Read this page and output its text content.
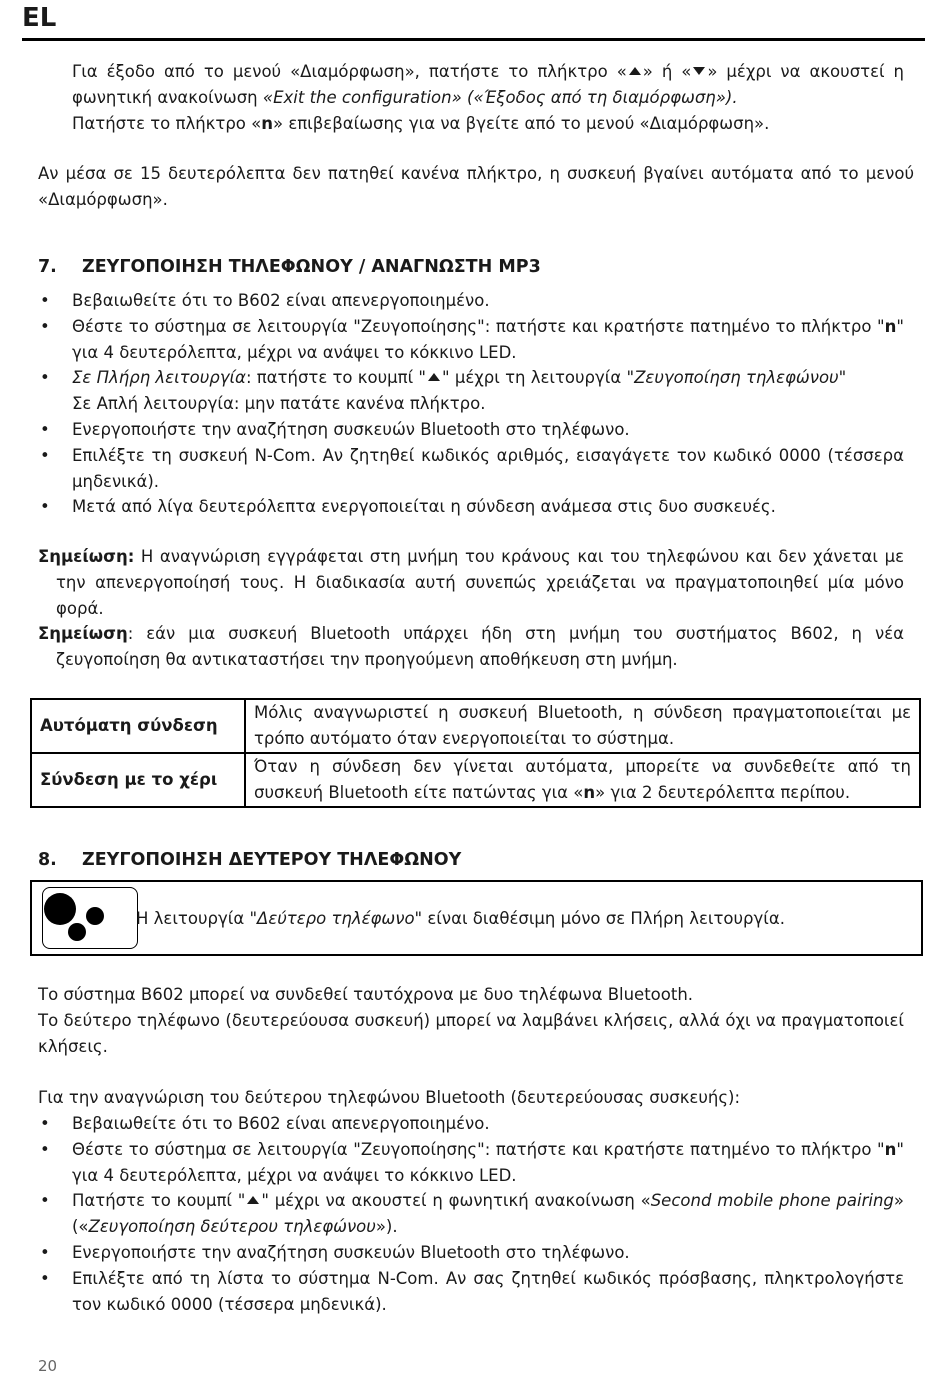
EL
Για έξοδο από το μενού «Διαμόρφωση», πατήστε το πλήκτρο « » ή « » μέχρι να ακουστεί η
φωνητική ανακοίνωση «Exit the configuration» («Έξοδος από τη διαμόρφωση»).
Πατήστε το πλήκτρο «n» επιβεβαίωσης για να βγείτε από το μενού «Διαμόρφωση».
Αν μέσα σε 15 δευτερόλεπτα δεν πατηθεί κανένα πλήκτρο, η συσκευή βγαίνει αυτόματα από το μενού «Διαμόρφωση».
7. ΖΕΥΓΟΠΟΙΗΣΗ ΤΗΛΕΦΩΝΟΥ / ΑΝΑΓΝΩΣΤΗ MP3
• Βεβαιωθείτε ότι το B602 είναι απενεργοποιημένο.
• Θέστε το σύστημα σε λειτουργία "Ζευγοποίησης": πατήστε και κρατήστε πατημένο το πλήκτρο "n" για 4 δευτερόλεπτα, μέχρι να ανάψει το κόκκινο LED.
• Σε Πλήρη λειτουργία: πατήστε το κουμπί " " μέχρι τη λειτουργία "Ζευγοποίηση τηλεφώνου"
Σε Απλή λειτουργία: μην πατάτε κανένα πλήκτρο.
• Ενεργοποιήστε την αναζήτηση συσκευών Bluetooth στο τηλέφωνο.
• Επιλέξτε τη συσκευή N-Com. Αν ζητηθεί κωδικός αριθμός, εισαγάγετε τον κωδικό 0000 (τέσσερα μηδενικά).
• Μετά από λίγα δευτερόλεπτα ενεργοποιείται η σύνδεση ανάμεσα στις δυο συσκευές.
Σημείωση: Η αναγνώριση εγγράφεται στη μνήμη του κράνους και του τηλεφώνου και δεν χάνεται με την απενεργοποίησή τους. Η διαδικασία αυτή συνεπώς χρειάζεται να πραγματοποιηθεί μία μόνο φορά.
Σημείωση: εάν μια συσκευή Bluetooth υπάρχει ήδη στη μνήμη του συστήματος B602, η νέα ζευγοποίηση θα αντικαταστήσει την προηγούμενη αποθήκευση στη μνήμη.
Αυτόματη σύνδεση	Μόλις αναγνωριστεί η συσκευή Bluetooth, η σύνδεση πραγματοποιείται με τρόπο αυτόματο όταν ενεργοποιείται το σύστημα.
Σύνδεση με το χέρι	Όταν η σύνδεση δεν γίνεται αυτόματα, μπορείτε να συνδεθείτε από τη συσκευή Bluetooth είτε πατώντας για «n» για 2 δευτερόλεπτα περίπου.
8. ΖΕΥΓΟΠΟΙΗΣΗ ΔΕΥΤΕΡΟΥ ΤΗΛΕΦΩΝΟΥ
Η λειτουργία "Δεύτερο τηλέφωνο" είναι διαθέσιμη μόνο σε Πλήρη λειτουργία.
Το σύστημα B602 μπορεί να συνδεθεί ταυτόχρονα με δυο τηλέφωνα Bluetooth.
Το δεύτερο τηλέφωνο (δευτερεύουσα συσκευή) μπορεί να λαμβάνει κλήσεις, αλλά όχι να πραγματοποιεί κλήσεις.
Για την αναγνώριση του δεύτερου τηλεφώνου Bluetooth (δευτερεύουσας συσκευής):
• Βεβαιωθείτε ότι το B602 είναι απενεργοποιημένο.
• Θέστε το σύστημα σε λειτουργία "Ζευγοποίησης": πατήστε και κρατήστε πατημένο το πλήκτρο "n" για 4 δευτερόλεπτα, μέχρι να ανάψει το κόκκινο LED.
• Πατήστε το κουμπί " " μέχρι να ακουστεί η φωνητική ανακοίνωση «Second mobile phone pairing» («Ζευγοποίηση δεύτερου τηλεφώνου»).
• Ενεργοποιήστε την αναζήτηση συσκευών Bluetooth στο τηλέφωνο.
• Επιλέξτε από τη λίστα το σύστημα N-Com. Αν σας ζητηθεί κωδικός πρόσβασης, πληκτρολογήστε τον κωδικό 0000 (τέσσερα μηδενικά).
20
